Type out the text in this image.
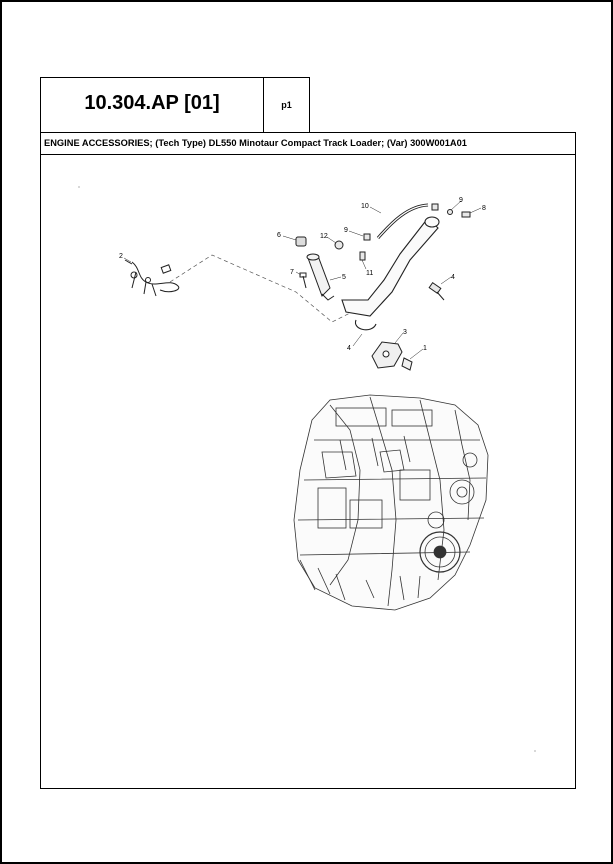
10.304.AP [01]	p1
ENGINE ACCESSORIES; (Tech Type) DL550 Minotaur Compact Track Loader; (Var) 300W001A01
2
6
7
5
12
9
10
11
9
8
4
4
3
1
